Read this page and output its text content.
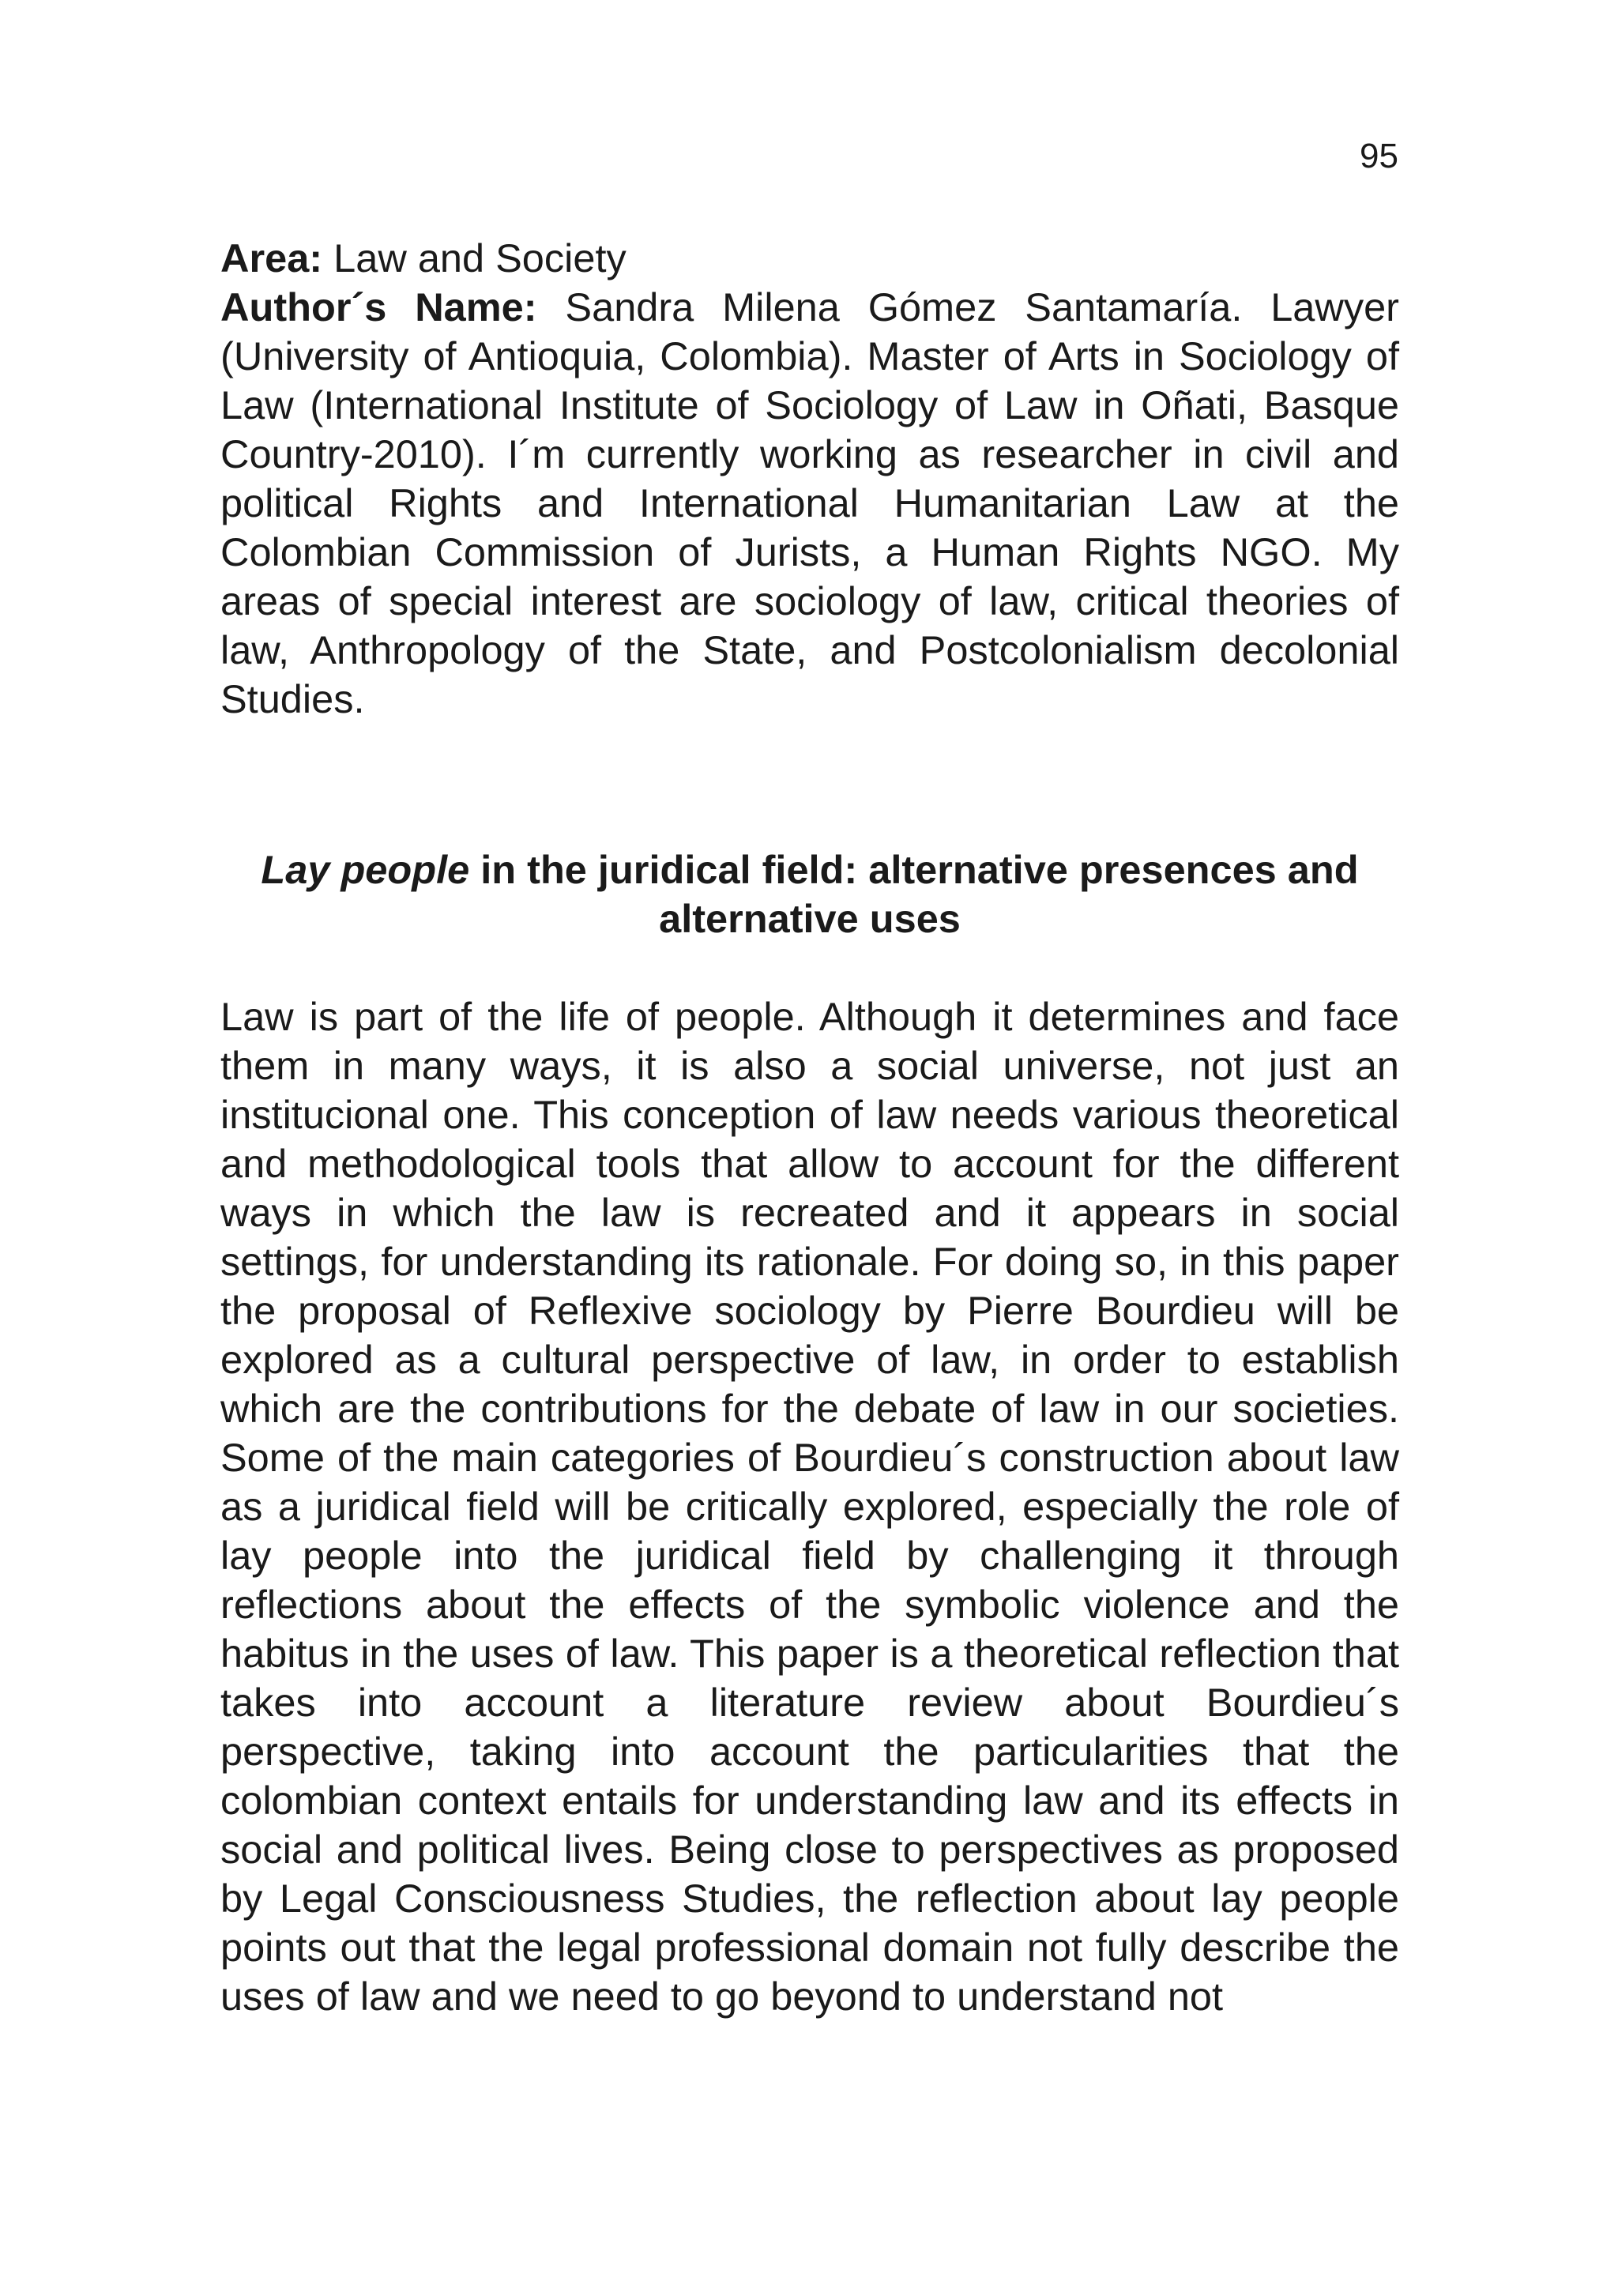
95

Area: Law and Society

Author´s Name: Sandra Milena Gómez Santamaría. Lawyer (University of Antioquia, Colombia). Master of Arts in Sociology of Law (International Institute of Sociology of Law in Oñati, Basque Country-2010). I´m currently working as researcher in civil and political Rights and International Humanitarian Law at the Colombian Commission of Jurists, a Human Rights NGO. My areas of special interest are sociology of law, critical theories of law, Anthropology of the State, and Postcolonialism decolonial Studies.

Lay people in the juridical field: alternative presences and alternative uses

Law is part of the life of people. Although it determines and face them in many ways, it is also a social universe, not just an institucional one. This conception of law needs various theoretical and methodological tools that allow to account for the different ways in which the law is recreated and it appears in social settings, for understanding its rationale. For doing so, in this paper the proposal of Reflexive sociology by Pierre Bourdieu will be explored as a cultural perspective of law, in order to establish which are the contributions for the debate of law in our societies. Some of the main categories of Bourdieu´s construction about law as a juridical field will be critically explored, especially the role of lay people into the juridical field by challenging it through reflections about the effects of the symbolic violence and the habitus in the uses of law. This paper is a theoretical reflection that takes into account a literature review about Bourdieu´s perspective, taking into account the particularities that the colombian context entails for understanding law and its effects in social and political lives. Being close to perspectives as proposed by Legal Consciousness Studies, the reflection about lay people points out that the legal professional domain not fully describe the uses of law and we need to go beyond to understand not
